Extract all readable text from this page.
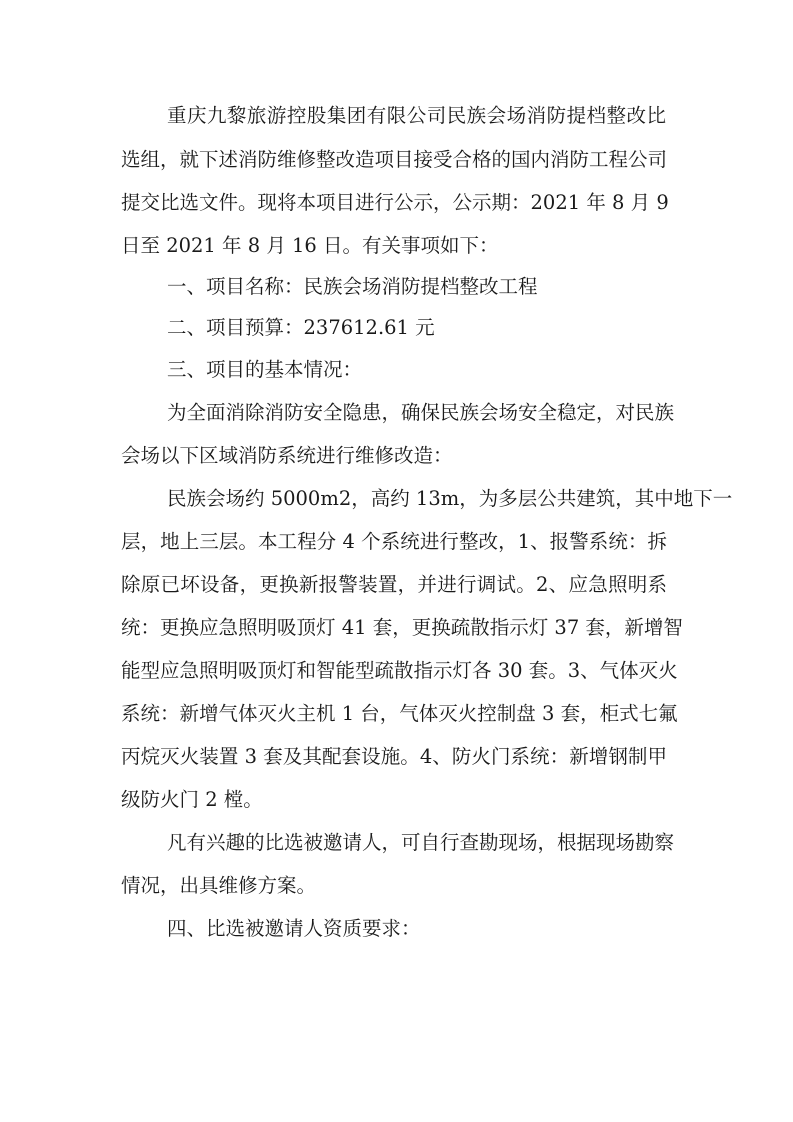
重庆九黎旅游控股集团有限公司民族会场消防提档整改比

选组，就下述消防维修整改造项目接受合格的国内消防工程公司

提交比选文件。现将本项目进行公示，公示期：2021 年 8 月 9

日至 2021 年 8 月 16 日。有关事项如下：

一、项目名称：民族会场消防提档整改工程

二、项目预算：237612.61 元

三、项目的基本情况：

为全面消除消防安全隐患，确保民族会场安全稳定，对民族

会场以下区域消防系统进行维修改造：

民族会场约 5000m2，高约 13m，为多层公共建筑，其中地下一

层，地上三层。本工程分 4 个系统进行整改，1、报警系统：拆

除原已坏设备，更换新报警装置，并进行调试。2、应急照明系

统：更换应急照明吸顶灯 41 套，更换疏散指示灯 37 套，新增智

能型应急照明吸顶灯和智能型疏散指示灯各 30 套。3、气体灭火

系统：新增气体灭火主机 1 台，气体灭火控制盘 3 套，柜式七氟

丙烷灭火装置 3 套及其配套设施。4、防火门系统：新增钢制甲

级防火门 2 樘。

凡有兴趣的比选被邀请人，可自行查勘现场，根据现场勘察

情况，出具维修方案。

四、比选被邀请人资质要求：
